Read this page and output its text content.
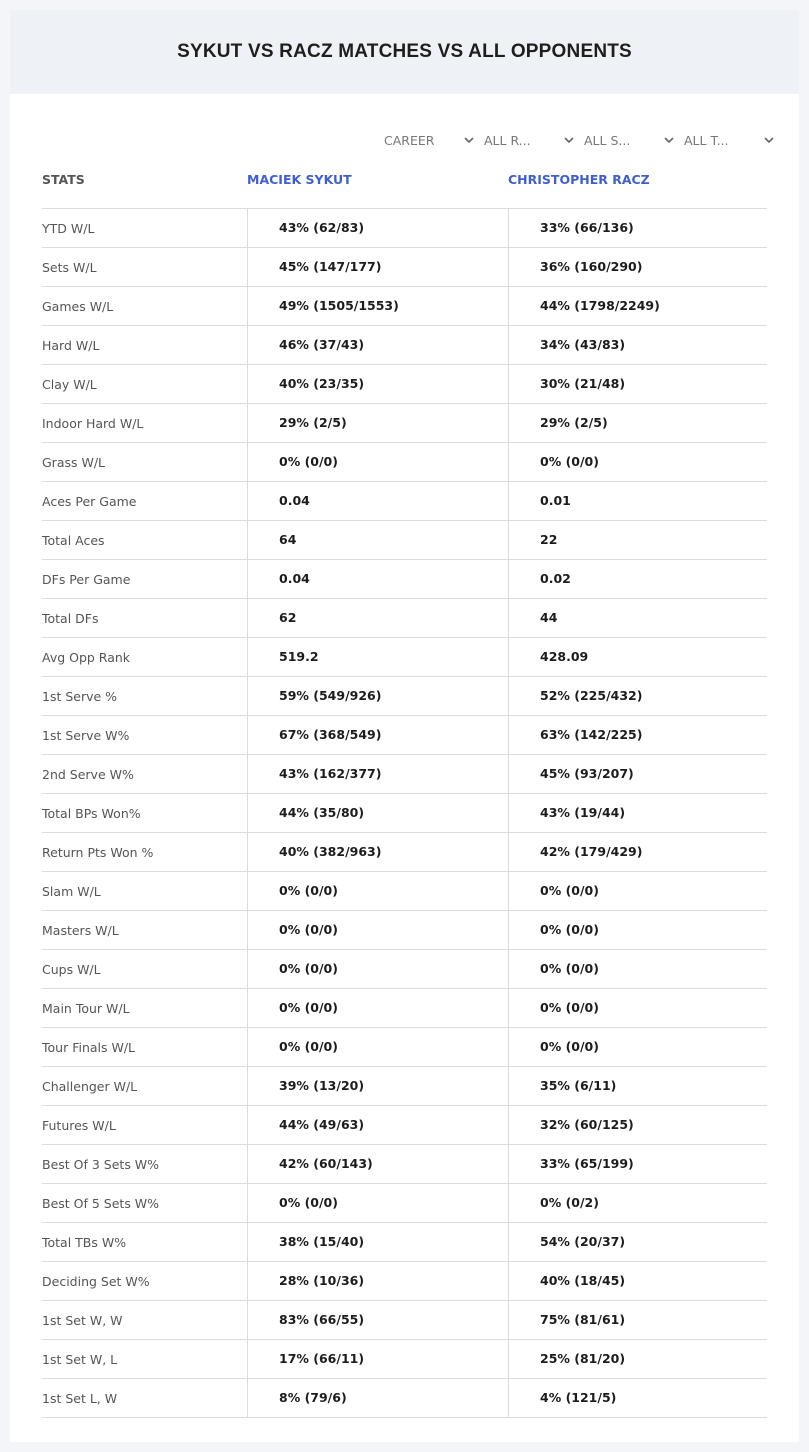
SYKUT VS RACZ MATCHES VS ALL OPPONENTS
CAREER	ALL R...	ALL S...	ALL T...
STATS	MACIEK SYKUT	CHRISTOPHER RACZ
YTD W/L	43% (62/83)	33% (66/136)
Sets W/L	45% (147/177)	36% (160/290)
Games W/L	49% (1505/1553)	44% (1798/2249)
Hard W/L	46% (37/43)	34% (43/83)
Clay W/L	40% (23/35)	30% (21/48)
Indoor Hard W/L	29% (2/5)	29% (2/5)
Grass W/L	0% (0/0)	0% (0/0)
Aces Per Game	0.04	0.01
Total Aces	64	22
DFs Per Game	0.04	0.02
Total DFs	62	44
Avg Opp Rank	519.2	428.09
1st Serve %	59% (549/926)	52% (225/432)
1st Serve W%	67% (368/549)	63% (142/225)
2nd Serve W%	43% (162/377)	45% (93/207)
Total BPs Won%	44% (35/80)	43% (19/44)
Return Pts Won %	40% (382/963)	42% (179/429)
Slam W/L	0% (0/0)	0% (0/0)
Masters W/L	0% (0/0)	0% (0/0)
Cups W/L	0% (0/0)	0% (0/0)
Main Tour W/L	0% (0/0)	0% (0/0)
Tour Finals W/L	0% (0/0)	0% (0/0)
Challenger W/L	39% (13/20)	35% (6/11)
Futures W/L	44% (49/63)	32% (60/125)
Best Of 3 Sets W%	42% (60/143)	33% (65/199)
Best Of 5 Sets W%	0% (0/0)	0% (0/2)
Total TBs W%	38% (15/40)	54% (20/37)
Deciding Set W%	28% (10/36)	40% (18/45)
1st Set W, W	83% (66/55)	75% (81/61)
1st Set W, L	17% (66/11)	25% (81/20)
1st Set L, W	8% (79/6)	4% (121/5)
